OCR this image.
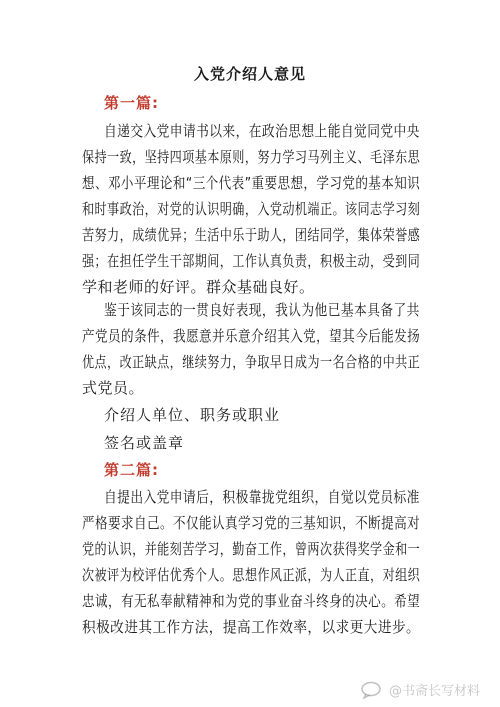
入党介绍人意见
第一篇:
自递交入党申请书以来，在政治思想上能自觉同党中央
保持一致，坚持四项基本原则，努力学习马列主义、毛泽东思
想、邓小平理论和“三个代表”重要思想，学习党的基本知识
和时事政治，对党的认识明确，入党动机端正。该同志学习刻
苦努力，成绩优异；生活中乐于助人，团结同学，集体荣誉感
强；在担任学生干部期间，工作认真负责，积极主动，受到同
学和老师的好评。群众基础良好。
鉴于该同志的一贯良好表现，我认为他已基本具备了共
产党员的条件，我愿意并乐意介绍其入党，望其今后能发扬
优点，改正缺点，继续努力，争取早日成为一名合格的中共正
式党员。
介绍人单位、职务或职业
签名或盖章
第二篇:
自提出入党申请后，积极靠拢党组织，自觉以党员标准
严格要求自己。不仅能认真学习党的三基知识，不断提高对
党的认识，并能刻苦学习，勤奋工作，曾两次获得奖学金和一
次被评为校评估优秀个人。思想作风正派，为人正直，对组织
忠诚，有无私奉献精神和为党的事业奋斗终身的决心。希望
积极改进其工作方法，提高工作效率，以求更大进步。
@书斋长写材料
